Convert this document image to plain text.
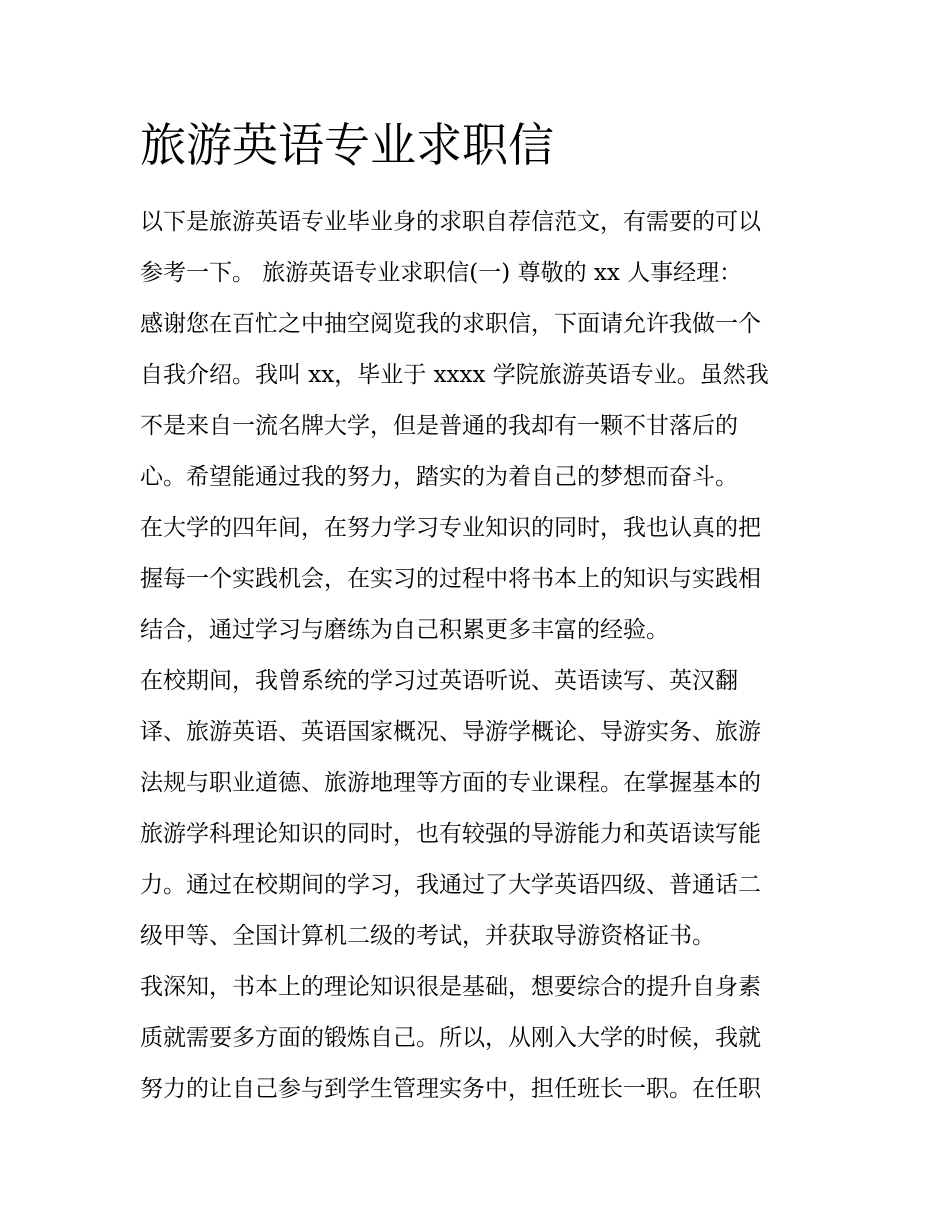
旅游英语专业求职信
以下是旅游英语专业毕业身的求职自荐信范文，有需要的可以
参考一下。 旅游英语专业求职信(一) 尊敬的 xx 人事经理：
感谢您在百忙之中抽空阅览我的求职信，下面请允许我做一个
自我介绍。我叫 xx，毕业于 xxxx 学院旅游英语专业。虽然我
不是来自一流名牌大学，但是普通的我却有一颗不甘落后的
心。希望能通过我的努力，踏实的为着自己的梦想而奋斗。
在大学的四年间，在努力学习专业知识的同时，我也认真的把
握每一个实践机会，在实习的过程中将书本上的知识与实践相
结合，通过学习与磨练为自己积累更多丰富的经验。
在校期间，我曾系统的学习过英语听说、英语读写、英汉翻
译、旅游英语、英语国家概况、导游学概论、导游实务、旅游
法规与职业道德、旅游地理等方面的专业课程。在掌握基本的
旅游学科理论知识的同时，也有较强的导游能力和英语读写能
力。通过在校期间的学习，我通过了大学英语四级、普通话二
级甲等、全国计算机二级的考试，并获取导游资格证书。
我深知，书本上的理论知识很是基础，想要综合的提升自身素
质就需要多方面的锻炼自己。所以，从刚入大学的时候，我就
努力的让自己参与到学生管理实务中，担任班长一职。在任职
